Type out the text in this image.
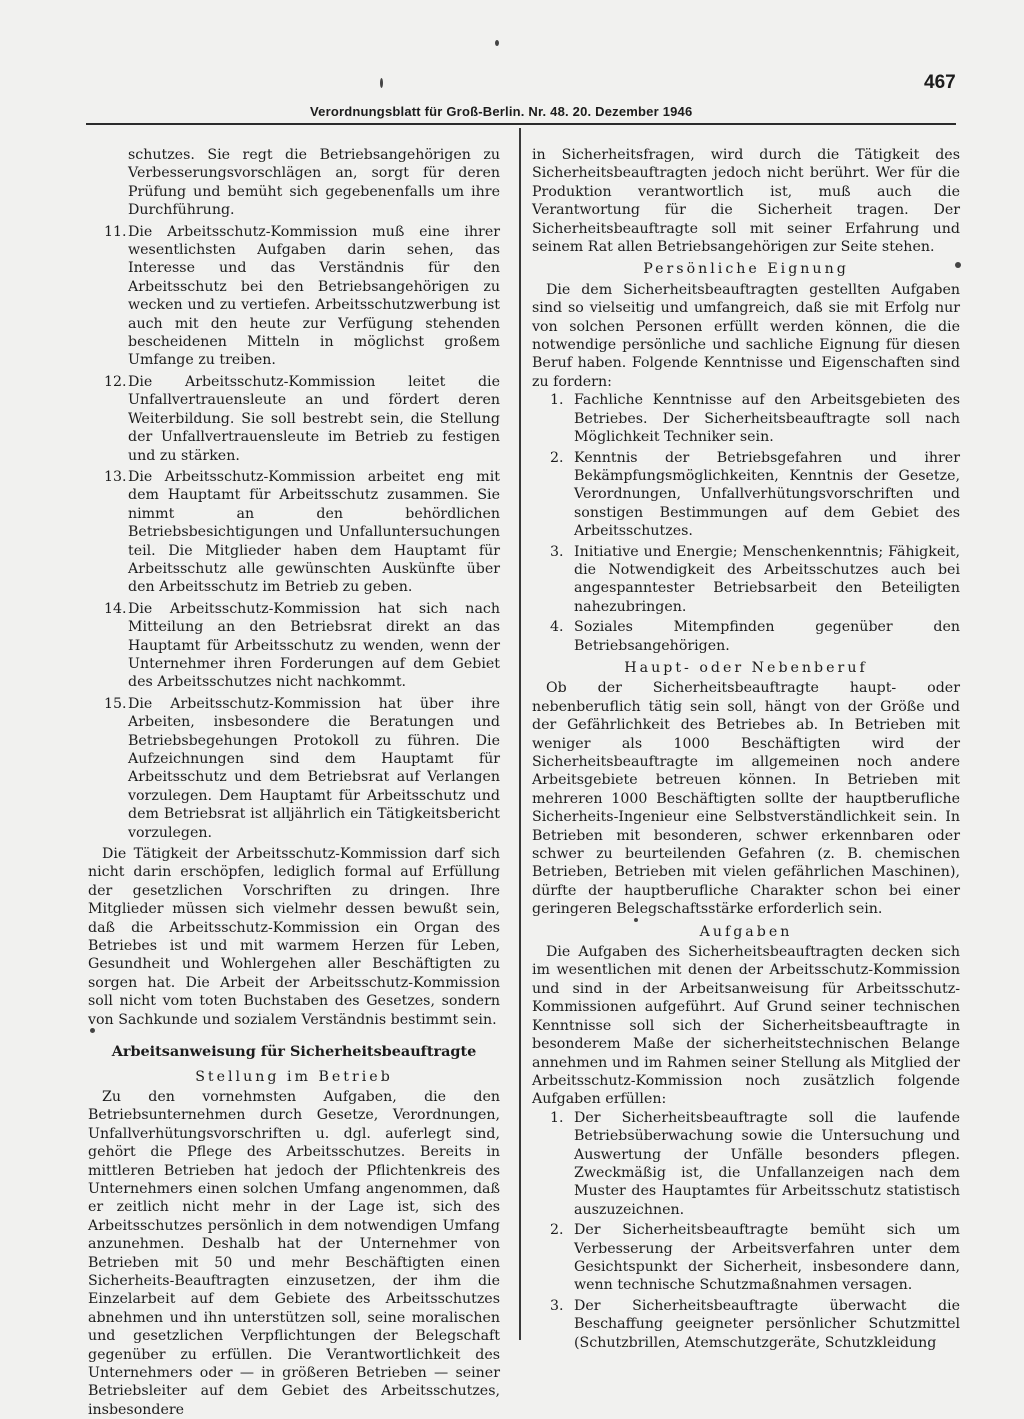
Verordnungsblatt für Groß-Berlin. Nr. 48. 20. Dezember 1946
467
schutzes. Sie regt die Betriebsangehörigen zu Verbesserungsvorschlägen an, sorgt für deren Prüfung und bemüht sich gegebenenfalls um ihre Durchführung.
11. Die Arbeitsschutz-Kommission muß eine ihrer wesentlichsten Aufgaben darin sehen, das Interesse und das Verständnis für den Arbeitsschutz bei den Betriebsangehörigen zu wecken und zu vertiefen. Arbeitsschutzwerbung ist auch mit den heute zur Verfügung stehenden bescheidenen Mitteln in möglichst großem Umfange zu treiben.
12. Die Arbeitsschutz-Kommission leitet die Unfallvertrauensleute an und fördert deren Weiterbildung. Sie soll bestrebt sein, die Stellung der Unfallvertrauensleute im Betrieb zu festigen und zu stärken.
13. Die Arbeitsschutz-Kommission arbeitet eng mit dem Hauptamt für Arbeitsschutz zusammen. Sie nimmt an den behördlichen Betriebsbesichtigungen und Unfalluntersuchungen teil. Die Mitglieder haben dem Hauptamt für Arbeitsschutz alle gewünschten Auskünfte über den Arbeitsschutz im Betrieb zu geben.
14. Die Arbeitsschutz-Kommission hat sich nach Mitteilung an den Betriebsrat direkt an das Hauptamt für Arbeitsschutz zu wenden, wenn der Unternehmer ihren Forderungen auf dem Gebiet des Arbeitsschutzes nicht nachkommt.
15. Die Arbeitsschutz-Kommission hat über ihre Arbeiten, insbesondere die Beratungen und Betriebsbegehungen Protokoll zu führen. Die Aufzeichnungen sind dem Hauptamt für Arbeitsschutz und dem Betriebsrat auf Verlangen vorzulegen. Dem Hauptamt für Arbeitsschutz und dem Betriebsrat ist alljährlich ein Tätigkeitsbericht vorzulegen.

Die Tätigkeit der Arbeitsschutz-Kommission darf sich nicht darin erschöpfen, lediglich formal auf Erfüllung der gesetzlichen Vorschriften zu dringen. Ihre Mitglieder müssen sich vielmehr dessen bewußt sein, daß die Arbeitsschutz-Kommission ein Organ des Betriebes ist und mit warmem Herzen für Leben, Gesundheit und Wohlergehen aller Beschäftigten zu sorgen hat. Die Arbeit der Arbeitsschutz-Kommission soll nicht vom toten Buchstaben des Gesetzes, sondern von Sachkunde und sozialem Verständnis bestimmt sein.

Arbeitsanweisung für Sicherheitsbeauftragte
Stellung im Betrieb

Zu den vornehmsten Aufgaben, die den Betriebsunternehmen durch Gesetze, Verordnungen, Unfallverhütungsvorschriften u. dgl. auferlegt sind, gehört die Pflege des Arbeitsschutzes. Bereits in mittleren Betrieben hat jedoch der Pflichtenkreis des Unternehmers einen solchen Umfang angenommen, daß er zeitlich nicht mehr in der Lage ist, sich des Arbeitsschutzes persönlich in dem notwendigen Umfang anzunehmen. Deshalb hat der Unternehmer von Betrieben mit 50 und mehr Beschäftigten einen Sicherheits-Beauftragten einzusetzen, der ihm die Einzelarbeit auf dem Gebiete des Arbeitsschutzes abnehmen und ihn unterstützen soll, seine moralischen und gesetzlichen Verpflichtungen der Belegschaft gegenüber zu erfüllen. Die Verantwortlichkeit des Unternehmers oder — in größeren Betrieben — seiner Betriebsleiter auf dem Gebiet des Arbeitsschutzes, insbesondere

in Sicherheitsfragen, wird durch die Tätigkeit des Sicherheitsbeauftragten jedoch nicht berührt. Wer für die Produktion verantwortlich ist, muß auch die Verantwortung für die Sicherheit tragen. Der Sicherheitsbeauftragte soll mit seiner Erfahrung und seinem Rat allen Betriebsangehörigen zur Seite stehen.

Persönliche Eignung

Die dem Sicherheitsbeauftragten gestellten Aufgaben sind so vielseitig und umfangreich, daß sie mit Erfolg nur von solchen Personen erfüllt werden können, die die notwendige persönliche und sachliche Eignung für diesen Beruf haben. Folgende Kenntnisse und Eigenschaften sind zu fordern:

1. Fachliche Kenntnisse auf den Arbeitsgebieten des Betriebes. Der Sicherheitsbeauftragte soll nach Möglichkeit Techniker sein.
2. Kenntnis der Betriebsgefahren und ihrer Bekämpfungsmöglichkeiten, Kenntnis der Gesetze, Verordnungen, Unfallverhütungsvorschriften und sonstigen Bestimmungen auf dem Gebiet des Arbeitsschutzes.
3. Initiative und Energie; Menschenkenntnis; Fähigkeit, die Notwendigkeit des Arbeitsschutzes auch bei angespanntester Betriebsarbeit den Beteiligten nahezubringen.
4. Soziales Mitempfinden gegenüber den Betriebsangehörigen.
Haupt- oder Nebenberuf

Ob der Sicherheitsbeauftragte haupt- oder nebenberuflich tätig sein soll, hängt von der Größe und der Gefährlichkeit des Betriebes ab. In Betrieben mit weniger als 1000 Beschäftigten wird der Sicherheitsbeauftragte im allgemeinen noch andere Arbeitsgebiete betreuen können. In Betrieben mit mehreren 1000 Beschäftigten sollte der hauptberufliche Sicherheits-Ingenieur eine Selbstverständlichkeit sein. In Betrieben mit besonderen, schwer erkennbaren oder schwer zu beurteilenden Gefahren (z. B. chemischen Betrieben, Betrieben mit vielen gefährlichen Maschinen), dürfte der hauptberufliche Charakter schon bei einer geringeren Belegschaftsstärke erforderlich sein.

Aufgaben

Die Aufgaben des Sicherheitsbeauftragten decken sich im wesentlichen mit denen der Arbeitsschutz-Kommission und sind in der Arbeitsanweisung für Arbeitsschutz-Kommissionen aufgeführt. Auf Grund seiner technischen Kenntnisse soll sich der Sicherheitsbeauftragte in besonderem Maße der sicherheitstechnischen Belange annehmen und im Rahmen seiner Stellung als Mitglied der Arbeitsschutz-Kommission noch zusätzlich folgende Aufgaben erfüllen:

1. Der Sicherheitsbeauftragte soll die laufende Betriebsüberwachung sowie die Untersuchung und Auswertung der Unfälle besonders pflegen. Zweckmäßig ist, die Unfallanzeigen nach dem Muster des Hauptamtes für Arbeitsschutz statistisch auszuzeichnen.
2. Der Sicherheitsbeauftragte bemüht sich um Verbesserung der Arbeitsverfahren unter dem Gesichtspunkt der Sicherheit, insbesondere dann, wenn technische Schutzmaßnahmen versagen.
3. Der Sicherheitsbeauftragte überwacht die Beschaffung geeigneter persönlicher Schutzmittel (Schutzbrillen, Atemschutzgeräte, Schutzkleidung
